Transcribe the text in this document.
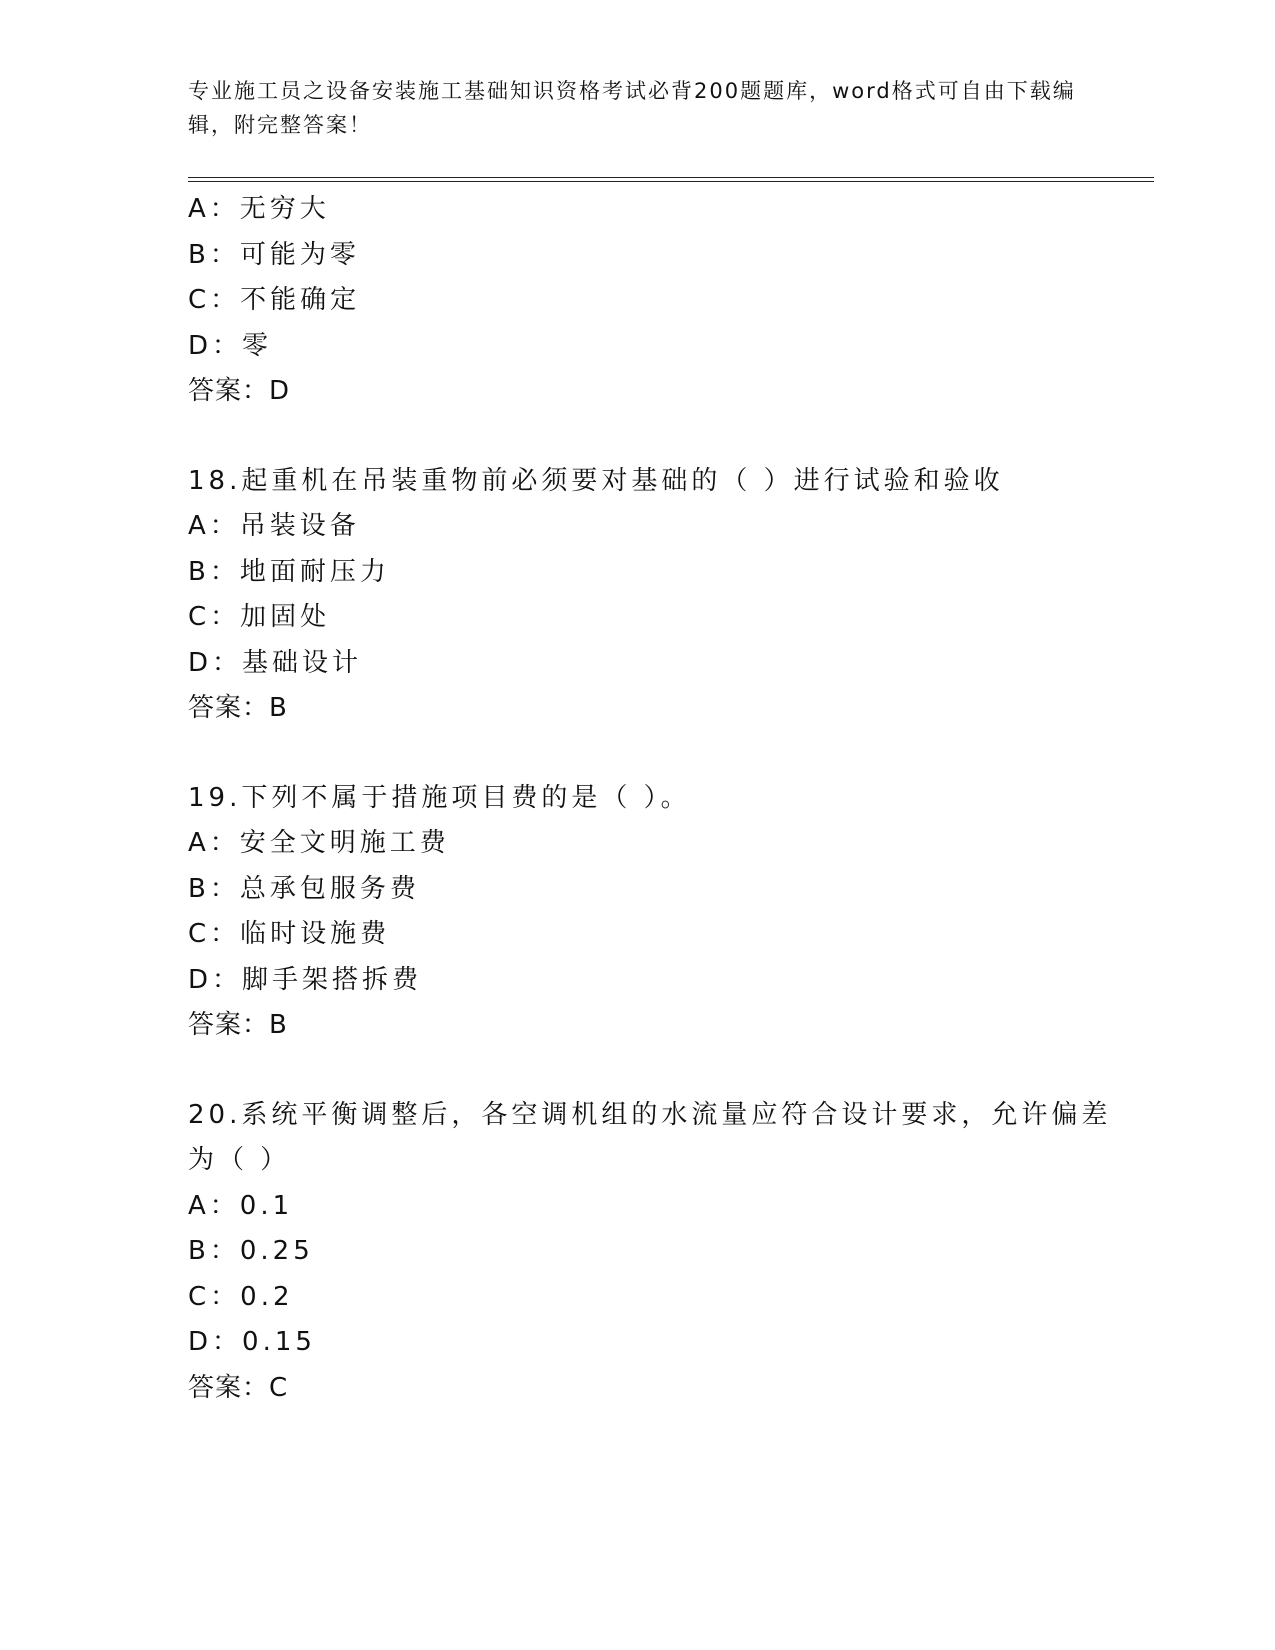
专业施工员之设备安装施工基础知识资格考试必背200题题库，word格式可自由下载编辑，附完整答案！
A：无穷大
B：可能为零
C：不能确定
D：零
答案：D
18.起重机在吊装重物前必须要对基础的（ ）进行试验和验收
A：吊装设备
B：地面耐压力
C：加固处
D：基础设计
答案：B
19.下列不属于措施项目费的是（ ）。
A：安全文明施工费
B：总承包服务费
C：临时设施费
D：脚手架搭拆费
答案：B
20.系统平衡调整后，各空调机组的水流量应符合设计要求，允许偏差为（ ）
A：0.1
B：0.25
C：0.2
D：0.15
答案：C
